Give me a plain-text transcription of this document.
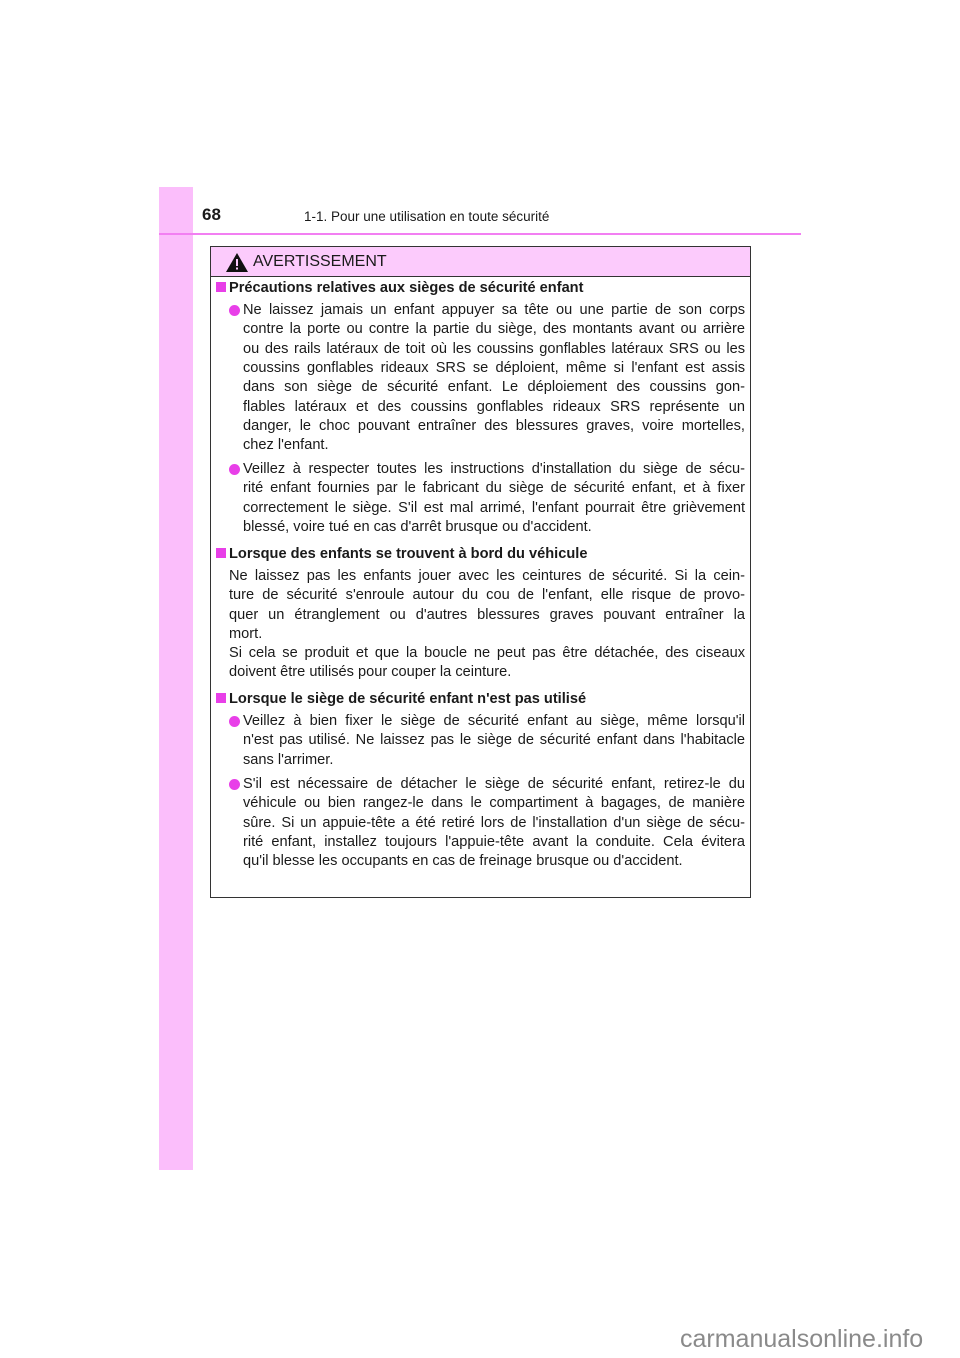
68	1-1. Pour une utilisation en toute sécurité
AVERTISSEMENT
Précautions relatives aux sièges de sécurité enfant
Ne laissez jamais un enfant appuyer sa tête ou une partie de son corps
contre la porte ou contre la partie du siège, des montants avant ou arrière
ou des rails latéraux de toit où les coussins gonflables latéraux SRS ou les
coussins gonflables rideaux SRS se déploient, même si l'enfant est assis
dans son siège de sécurité enfant. Le déploiement des coussins gon-
flables latéraux et des coussins gonflables rideaux SRS représente un
danger, le choc pouvant entraîner des blessures graves, voire mortelles,
chez l'enfant.
Veillez à respecter toutes les instructions d'installation du siège de sécu-
rité enfant fournies par le fabricant du siège de sécurité enfant, et à fixer
correctement le siège. S'il est mal arrimé, l'enfant pourrait être grièvement
blessé, voire tué en cas d'arrêt brusque ou d'accident.
Lorsque des enfants se trouvent à bord du véhicule
Ne laissez pas les enfants jouer avec les ceintures de sécurité. Si la cein-
ture de sécurité s'enroule autour du cou de l'enfant, elle risque de provo-
quer un étranglement ou d'autres blessures graves pouvant entraîner la
mort.
Si cela se produit et que la boucle ne peut pas être détachée, des ciseaux
doivent être utilisés pour couper la ceinture.
Lorsque le siège de sécurité enfant n'est pas utilisé
Veillez à bien fixer le siège de sécurité enfant au siège, même lorsqu'il
n'est pas utilisé. Ne laissez pas le siège de sécurité enfant dans l'habitacle
sans l'arrimer.
S'il est nécessaire de détacher le siège de sécurité enfant, retirez-le du
véhicule ou bien rangez-le dans le compartiment à bagages, de manière
sûre. Si un appuie-tête a été retiré lors de l'installation d'un siège de sécu-
rité enfant, installez toujours l'appuie-tête avant la conduite. Cela évitera
qu'il blesse les occupants en cas de freinage brusque ou d'accident.
carmanualsonline.info
